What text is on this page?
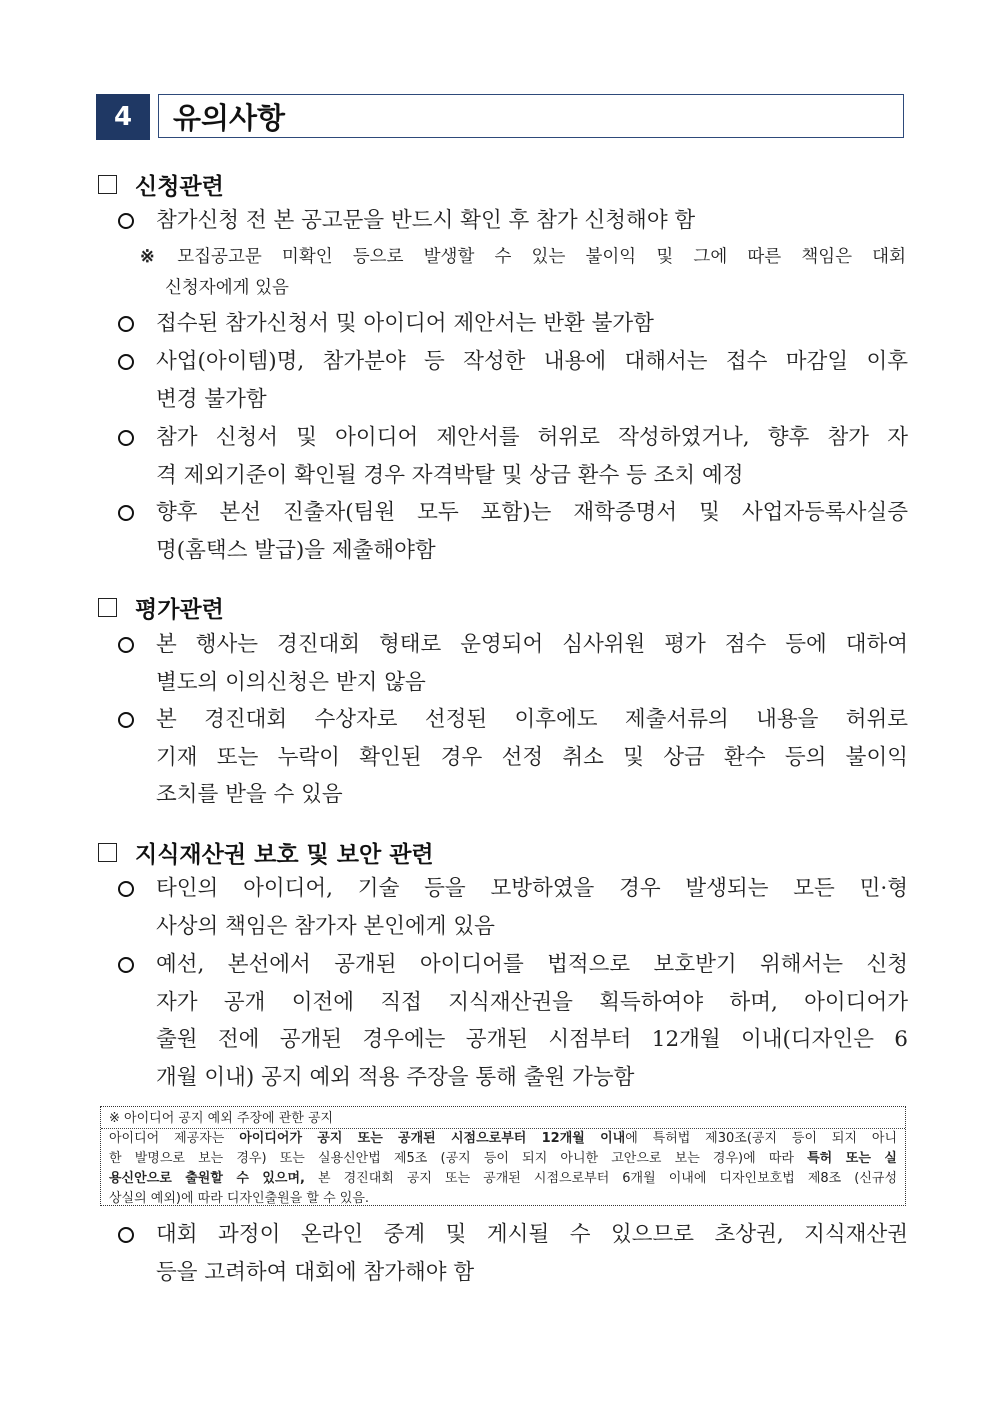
4	유의사항
신청관련
참가신청 전 본 공고문을 반드시 확인 후 참가 신청해야 함
※ 모집공고문 미확인 등으로 발생할 수 있는 불이익 및 그에 따른 책임은 대회
신청자에게 있음
접수된 참가신청서 및 아이디어 제안서는 반환 불가함
사업(아이템)명, 참가분야 등 작성한 내용에 대해서는 접수 마감일 이후
변경 불가함
참가 신청서 및 아이디어 제안서를 허위로 작성하였거나, 향후 참가 자
격 제외기준이 확인될 경우 자격박탈 및 상금 환수 등 조치 예정
향후 본선 진출자(팀원 모두 포함)는 재학증명서 및 사업자등록사실증
명(홈택스 발급)을 제출해야함
평가관련
본 행사는 경진대회 형태로 운영되어 심사위원 평가 점수 등에 대하여
별도의 이의신청은 받지 않음
본 경진대회 수상자로 선정된 이후에도 제출서류의 내용을 허위로
기재 또는 누락이 확인된 경우 선정 취소 및 상금 환수 등의 불이익
조치를 받을 수 있음
지식재산권 보호 및 보안 관련
타인의 아이디어, 기술 등을 모방하였을 경우 발생되는 모든 민·형
사상의 책임은 참가자 본인에게 있음
예선, 본선에서 공개된 아이디어를 법적으로 보호받기 위해서는 신청
자가 공개 이전에 직접 지식재산권을 획득하여야 하며, 아이디어가
출원 전에 공개된 경우에는 공개된 시점부터 12개월 이내(디자인은 6
개월 이내) 공지 예외 적용 주장을 통해 출원 가능함
※ 아이디어 공지 예외 주장에 관한 공지
아이디어 제공자는 아이디어가 공지 또는 공개된 시점으로부터 12개월 이내에 특허법 제30조(공지 등이 되지 아니
한 발명으로 보는 경우) 또는 실용신안법 제5조 (공지 등이 되지 아니한 고안으로 보는 경우)에 따라 특허 또는 실
용신안으로 출원할 수 있으며, 본 경진대회 공지 또는 공개된 시점으로부터 6개월 이내에 디자인보호법 제8조 (신규성
상실의 예외)에 따라 디자인출원을 할 수 있음.
대회 과정이 온라인 중계 및 게시될 수 있으므로 초상권, 지식재산권
등을 고려하여 대회에 참가해야 함
